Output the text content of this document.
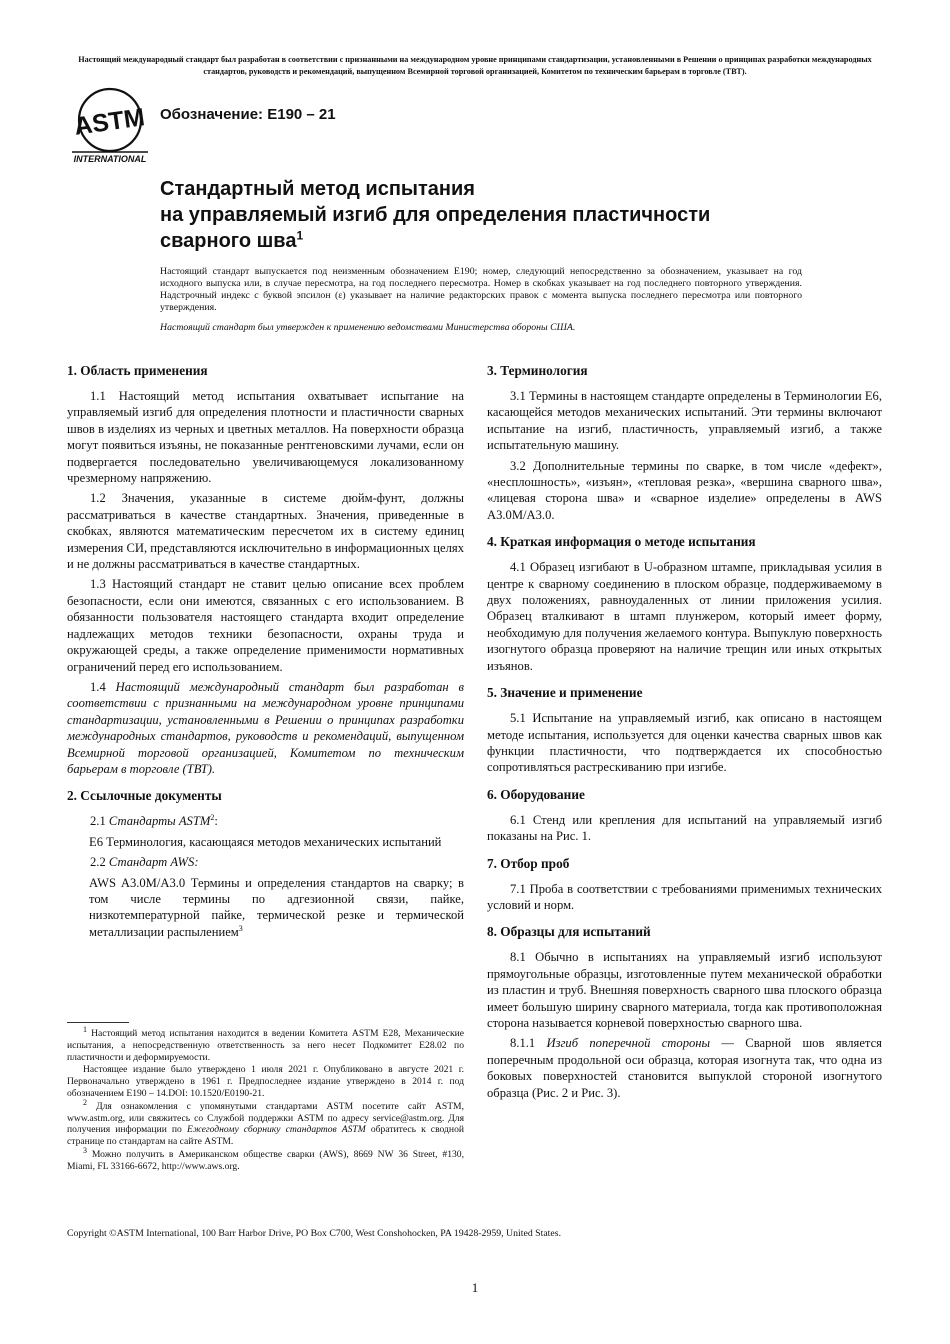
Настоящий международный стандарт был разработан в соответствии с признанными на международном уровне принципами стандартизации, установленными в Решении о принципах разработки международных стандартов, руководств и рекомендаций, выпущенном Всемирной торговой организацией, Комитетом по техническим барьерам в торговле (ТВТ).
ASTM
INTERNATIONAL
Обозначение: E190 – 21
Стандартный метод испытания
на управляемый изгиб для определения пластичности
сварного шва$^1$

Настоящий стандарт выпускается под неизменным обозначением E190; номер, следующий непосредственно за обозначением, указывает на год исходного выпуска или, в случае пересмотра, на год последнего пересмотра. Номер в скобках указывает на год последнего повторного утверждения. Надстрочный индекс с буквой эпсилон (ε) указывает на наличие редакторских правок с момента выпуска последнего пересмотра или повторного утверждения.

Настоящий стандарт был утвержден к применению ведомствами Министерства обороны США.

1. Область применения

1.1 Настоящий метод испытания охватывает испытание на управляемый изгиб для определения плотности и пластичности сварных швов в изделиях из черных и цветных металлов. На поверхности образца могут появиться изъяны, не показанные рентгеновскими лучами, если он подвергается последовательно увеличивающемуся локализованному чрезмерному напряжению.

1.2 Значения, указанные в системе дюйм-фунт, должны рассматриваться в качестве стандартных. Значения, приведенные в скобках, являются математическим пересчетом их в систему единиц измерения СИ, представляются исключительно в информационных целях и не должны рассматриваться в качестве стандартных.

1.3 Настоящий стандарт не ставит целью описание всех проблем безопасности, если они имеются, связанных с его использованием. В обязанности пользователя настоящего стандарта входит определение надлежащих методов техники безопасности, охраны труда и окружающей среды, а также определение применимости нормативных ограничений перед его использованием.

1.4 Настоящий международный стандарт был разработан в соответствии с признанными на международном уровне принципами стандартизации, установленными в Решении о принципах разработки международных стандартов, руководств и рекомендаций, выпущенном Всемирной торговой организацией, Комитетом по техническим барьерам в торговле (ТВТ).

2. Ссылочные документы

2.1 Стандарты ASTM$^2$:

E6 Терминология, касающаяся методов механических испытаний

2.2 Стандарт AWS:

AWS A3.0M/A3.0 Термины и определения стандартов на сварку; в том числе термины по адгезионной связи, пайке, низкотемпературной пайке, термической резке и термической металлизации распылением$^3$

$^1$ Настоящий метод испытания находится в ведении Комитета ASTM E28, Механические испытания, а непосредственную ответственность за него несет Подкомитет E28.02 по пластичности и деформируемости.

Настоящее издание было утверждено 1 июля 2021 г. Опубликовано в августе 2021 г. Первоначально утверждено в 1961 г. Предпоследнее издание утверждено в 2014 г. под обозначением E190 – 14.DOI: 10.1520/E0190-21.

$^2$ Для ознакомления с упомянутыми стандартами ASTM посетите сайт ASTM, www.astm.org, или свяжитесь со Службой поддержки ASTM по адресу service@astm.org. Для получения информации по Ежегодному сборнику стандартов ASTM обратитесь к сводной странице по стандартам на сайте ASTM.

$^3$ Можно получить в Американском обществе сварки (AWS), 8669 NW 36 Street, #130, Miami, FL 33166-6672, http://www.aws.org.

3. Терминология

3.1 Термины в настоящем стандарте определены в Терминологии E6, касающейся методов механических испытаний. Эти термины включают испытание на изгиб, пластичность, управляемый изгиб, а также испытательную машину.

3.2 Дополнительные термины по сварке, в том числе «дефект», «несплошность», «изъян», «тепловая резка», «вершина сварного шва», «лицевая сторона шва» и «сварное изделие» определены в AWS A3.0M/A3.0.

4. Краткая информация о методе испытания

4.1 Образец изгибают в U-образном штампе, прикладывая усилия в центре к сварному соединению в плоском образце, поддерживаемому в двух положениях, равноудаленных от линии приложения усилия. Образец вталкивают в штамп плунжером, который имеет форму, необходимую для получения желаемого контура. Выпуклую поверхность изогнутого образца проверяют на наличие трещин или иных открытых изъянов.

5. Значение и применение

5.1 Испытание на управляемый изгиб, как описано в настоящем методе испытания, используется для оценки качества сварных швов как функции пластичности, что подтверждается их способностью сопротивляться растрескиванию при изгибе.

6. Оборудование

6.1 Стенд или крепления для испытаний на управляемый изгиб показаны на Рис. 1.

7. Отбор проб

7.1 Проба в соответствии с требованиями применимых технических условий и норм.

8. Образцы для испытаний

8.1 Обычно в испытаниях на управляемый изгиб используют прямоугольные образцы, изготовленные путем механической обработки из пластин и труб. Внешняя поверхность сварного шва плоского образца имеет большую ширину сварного материала, тогда как противоположная сторона называется корневой поверхностью сварного шва.

8.1.1 Изгиб поперечной стороны — Сварной шов является поперечным продольной оси образца, которая изогнута так, что одна из боковых поверхностей становится выпуклой стороной изогнутого образца (Рис. 2 и Рис. 3).

Copyright ©ASTM International, 100 Barr Harbor Drive, PO Box C700, West Conshohocken, PA 19428-2959, United States.
1
